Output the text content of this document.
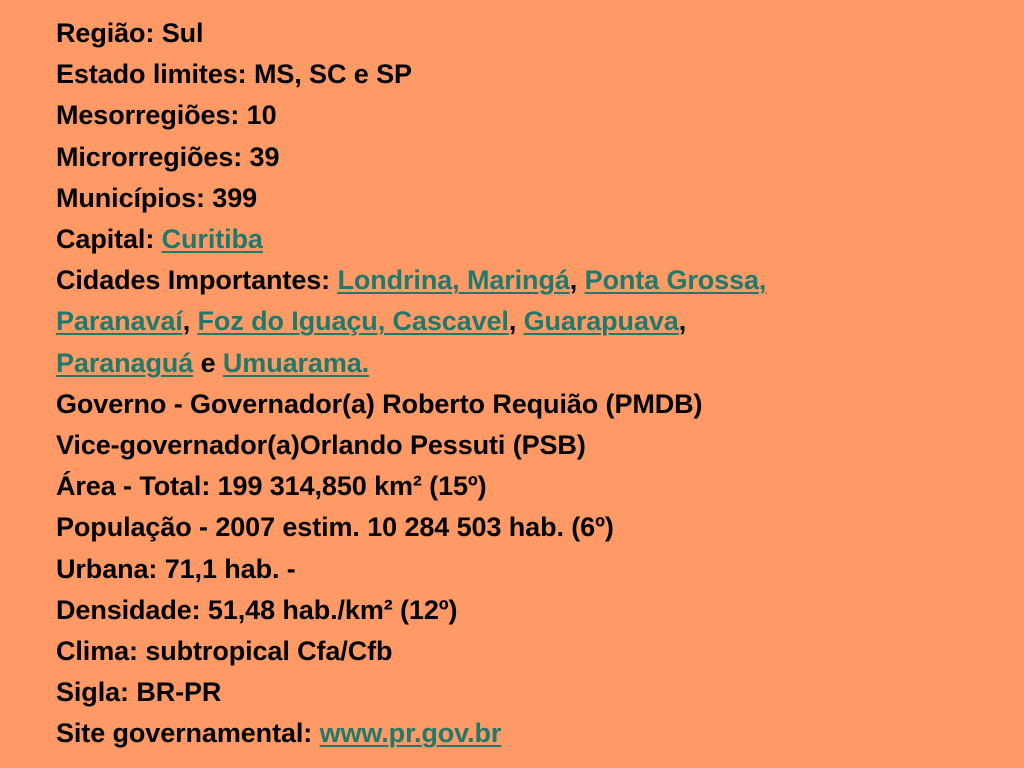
Região: Sul
Estado limites: MS, SC e SP
Mesorregiões: 10
Microrregiões: 39
Municípios: 399
Capital: Curitiba
Cidades Importantes: Londrina, Maringá, Ponta Grossa,
Paranavaí, Foz do Iguaçu, Cascavel, Guarapuava,
Paranaguá e Umuarama.
Governo - Governador(a) Roberto Requião (PMDB)
Vice-governador(a)Orlando Pessuti (PSB)
Área - Total: 199 314,850 km² (15º)
População - 2007 estim. 10 284 503 hab. (6º)
Urbana: 71,1 hab. -
Densidade: 51,48 hab./km² (12º)
Clima: subtropical Cfa/Cfb
Sigla: BR-PR
Site governamental: www.pr.gov.br
